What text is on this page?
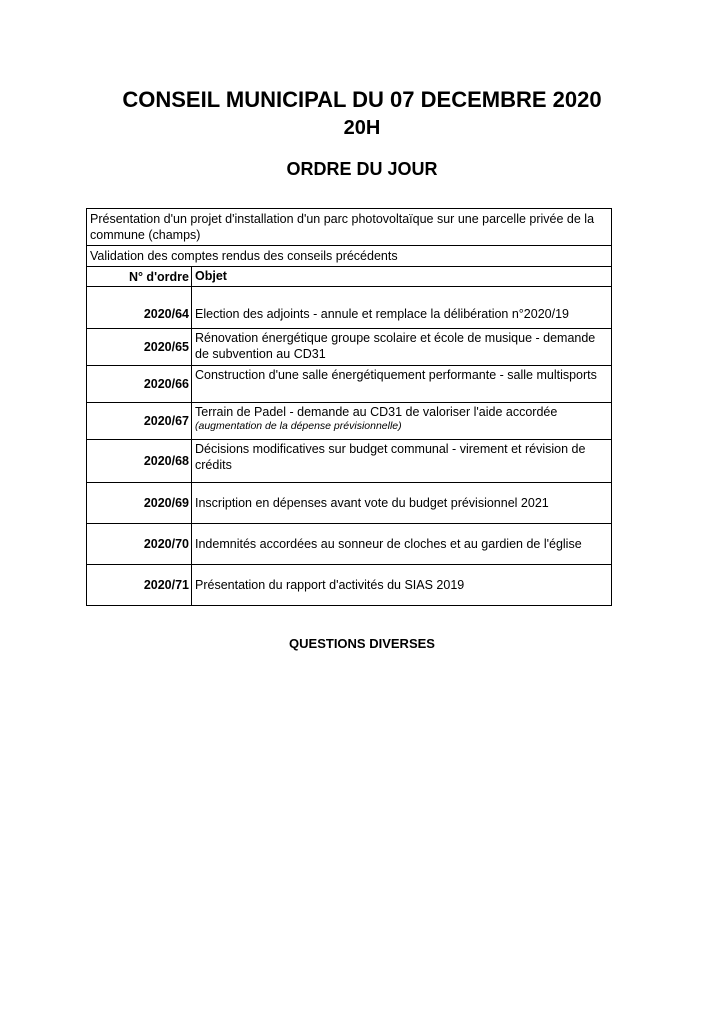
CONSEIL MUNICIPAL DU 07 DECEMBRE 2020
20H
ORDRE DU JOUR
Présentation d'un projet d'installation d'un parc photovoltaïque sur une parcelle privée de la commune (champs)	
Validation des comptes rendus des conseils précédents	
N° d'ordre	Objet
2020/64	Election des adjoints - annule et remplace la délibération n°2020/19
2020/65	Rénovation énergétique groupe scolaire et école de musique - demande de subvention au CD31
2020/66	Construction d'une salle énergétiquement performante - salle multisports
2020/67	Terrain de Padel - demande au CD31 de valoriser l'aide accordée
(augmentation de la dépense prévisionnelle)

2020/68	Décisions modificatives sur budget communal - virement et révision de crédits
2020/69	Inscription en dépenses avant vote du budget prévisionnel 2021
2020/70	Indemnités accordées au sonneur de cloches et au gardien de l'église
2020/71	Présentation du rapport d'activités du SIAS 2019
QUESTIONS DIVERSES
